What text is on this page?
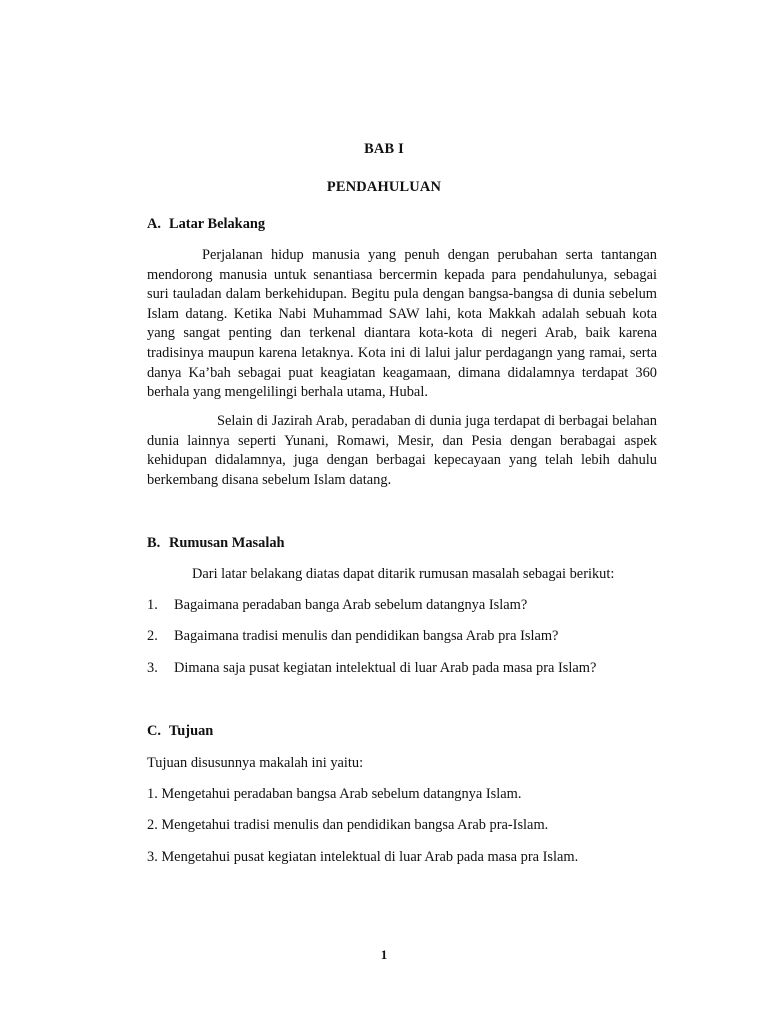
BAB I
PENDAHULUAN
A. Latar Belakang

Perjalanan hidup manusia yang penuh dengan perubahan serta tantangan mendorong manusia untuk senantiasa bercermin kepada para pendahulunya, sebagai suri tauladan dalam berkehidupan. Begitu pula dengan bangsa-bangsa di dunia sebelum Islam datang. Ketika Nabi Muhammad SAW lahi, kota Makkah adalah sebuah kota yang sangat penting dan terkenal diantara kota-kota di negeri Arab, baik karena tradisinya maupun karena letaknya. Kota ini di lalui jalur perdagangn yang ramai, serta danya Ka’bah sebagai puat keagiatan keagamaan, dimana didalamnya terdapat 360 berhala yang mengelilingi berhala utama, Hubal.

Selain di Jazirah Arab, peradaban di dunia juga terdapat di berbagai belahan dunia lainnya seperti Yunani, Romawi, Mesir, dan Pesia dengan berabagai aspek kehidupan didalamnya, juga dengan berbagai kepecayaan yang telah lebih dahulu berkembang disana sebelum Islam datang.

B. Rumusan Masalah
Dari latar belakang diatas dapat ditarik rumusan masalah sebagai berikut:
1. Bagaimana peradaban banga Arab sebelum datangnya Islam?
2. Bagaimana tradisi menulis dan pendidikan bangsa Arab pra Islam?
3. Dimana saja pusat kegiatan intelektual di luar Arab pada masa pra Islam?
C. Tujuan
Tujuan disusunnya makalah ini yaitu:
1. Mengetahui peradaban bangsa Arab sebelum datangnya Islam.
2. Mengetahui tradisi menulis dan pendidikan bangsa Arab pra-Islam.
3. Mengetahui pusat kegiatan intelektual di luar Arab pada masa pra Islam.
1
